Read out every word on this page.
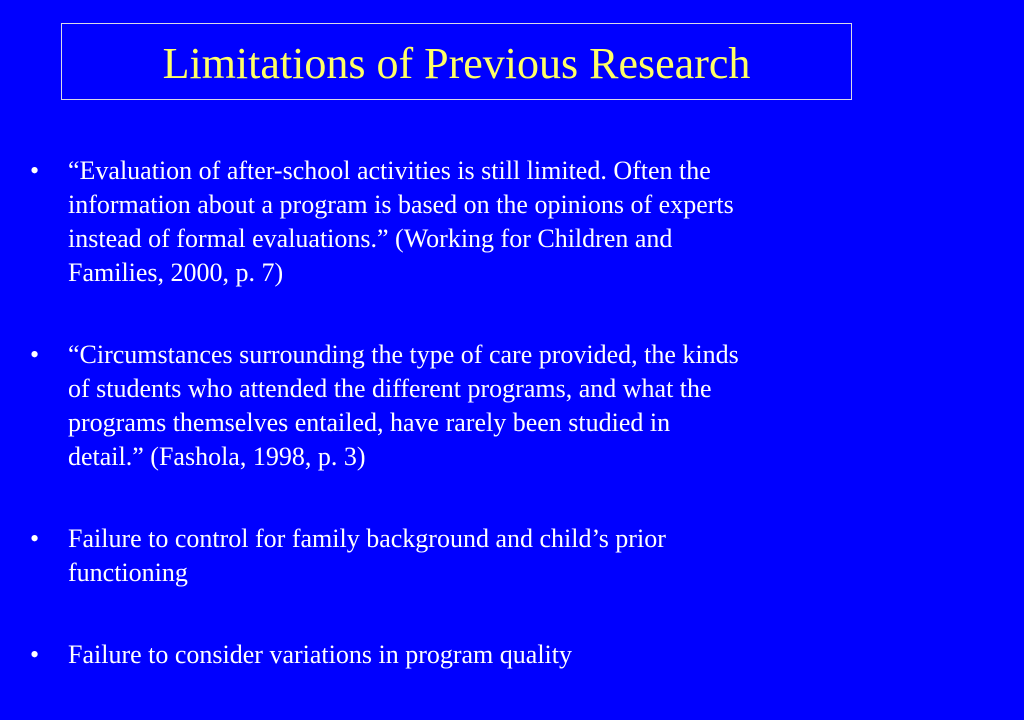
Limitations of Previous Research
•	“Evaluation of after-school activities is still limited. Often the
information about a program is based on the opinions of experts
instead of formal evaluations.” (Working for Children and
Families, 2000, p. 7)
•	“Circumstances surrounding the type of care provided, the kinds
of students who attended the different programs, and what the
programs themselves entailed, have rarely been studied in
detail.” (Fashola, 1998, p. 3)
•	Failure to control for family background and child’s prior
functioning
•	Failure to consider variations in program quality
